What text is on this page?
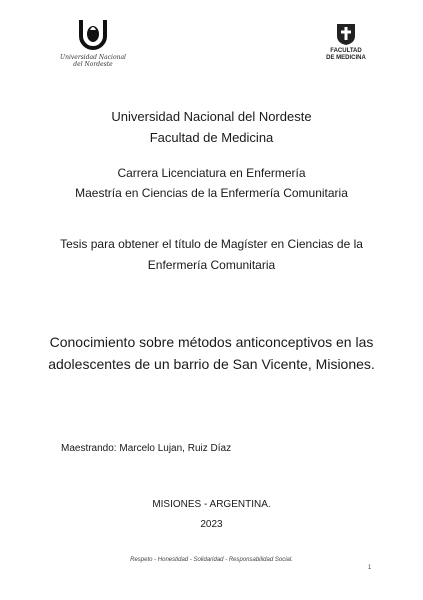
Universidad Nacional
del Nordeste
FACULTAD
DE MEDICINA
Universidad Nacional del Nordeste
Facultad de Medicina
Carrera Licenciatura en Enfermería
Maestría en Ciencias de la Enfermería Comunitaria
Tesis para obtener el título de Magíster en Ciencias de la
Enfermería Comunitaria
Conocimiento sobre métodos anticonceptivos en las
adolescentes de un barrio de San Vicente, Misiones.
Maestrando: Marcelo Lujan, Ruiz Díaz
MISIONES - ARGENTINA.
2023
Respeto - Honestidad - Solidaridad - Responsabilidad Social.
1
